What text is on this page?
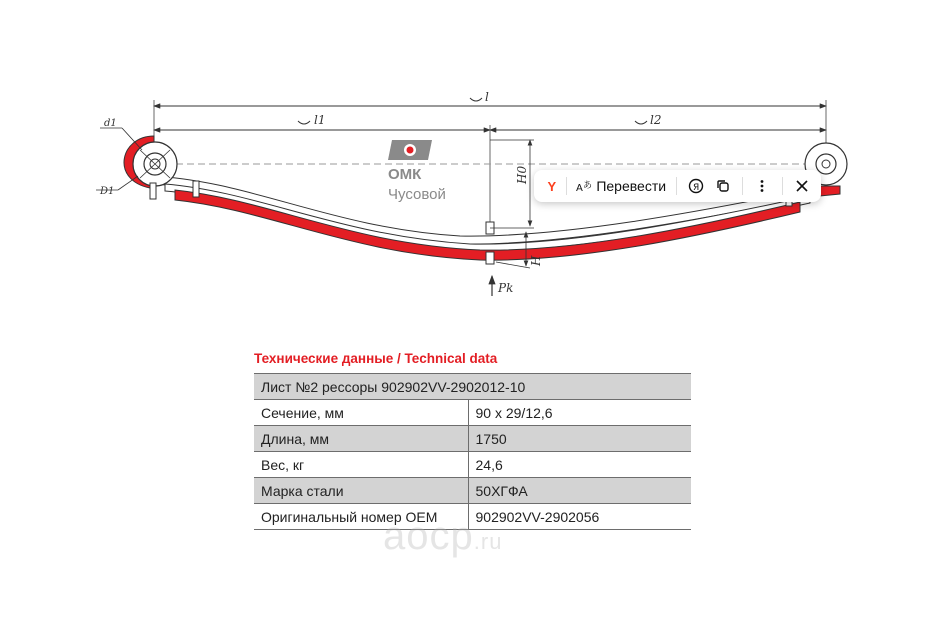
l
l1	l2
d1
D1
H0
H
Pk
ОМК
Чусовой	Y	A あ Перевести	Я
Технические данные / Technical data
Лист №2 рессоры 902902VV-2902012-10	
Сечение, мм	90 х 29/12,6
Длина, мм	1750
Вес, кг	24,6
Марка стали	50ХГФА
Оригинальный номер OEM	902902VV-2902056
aocp.ru
